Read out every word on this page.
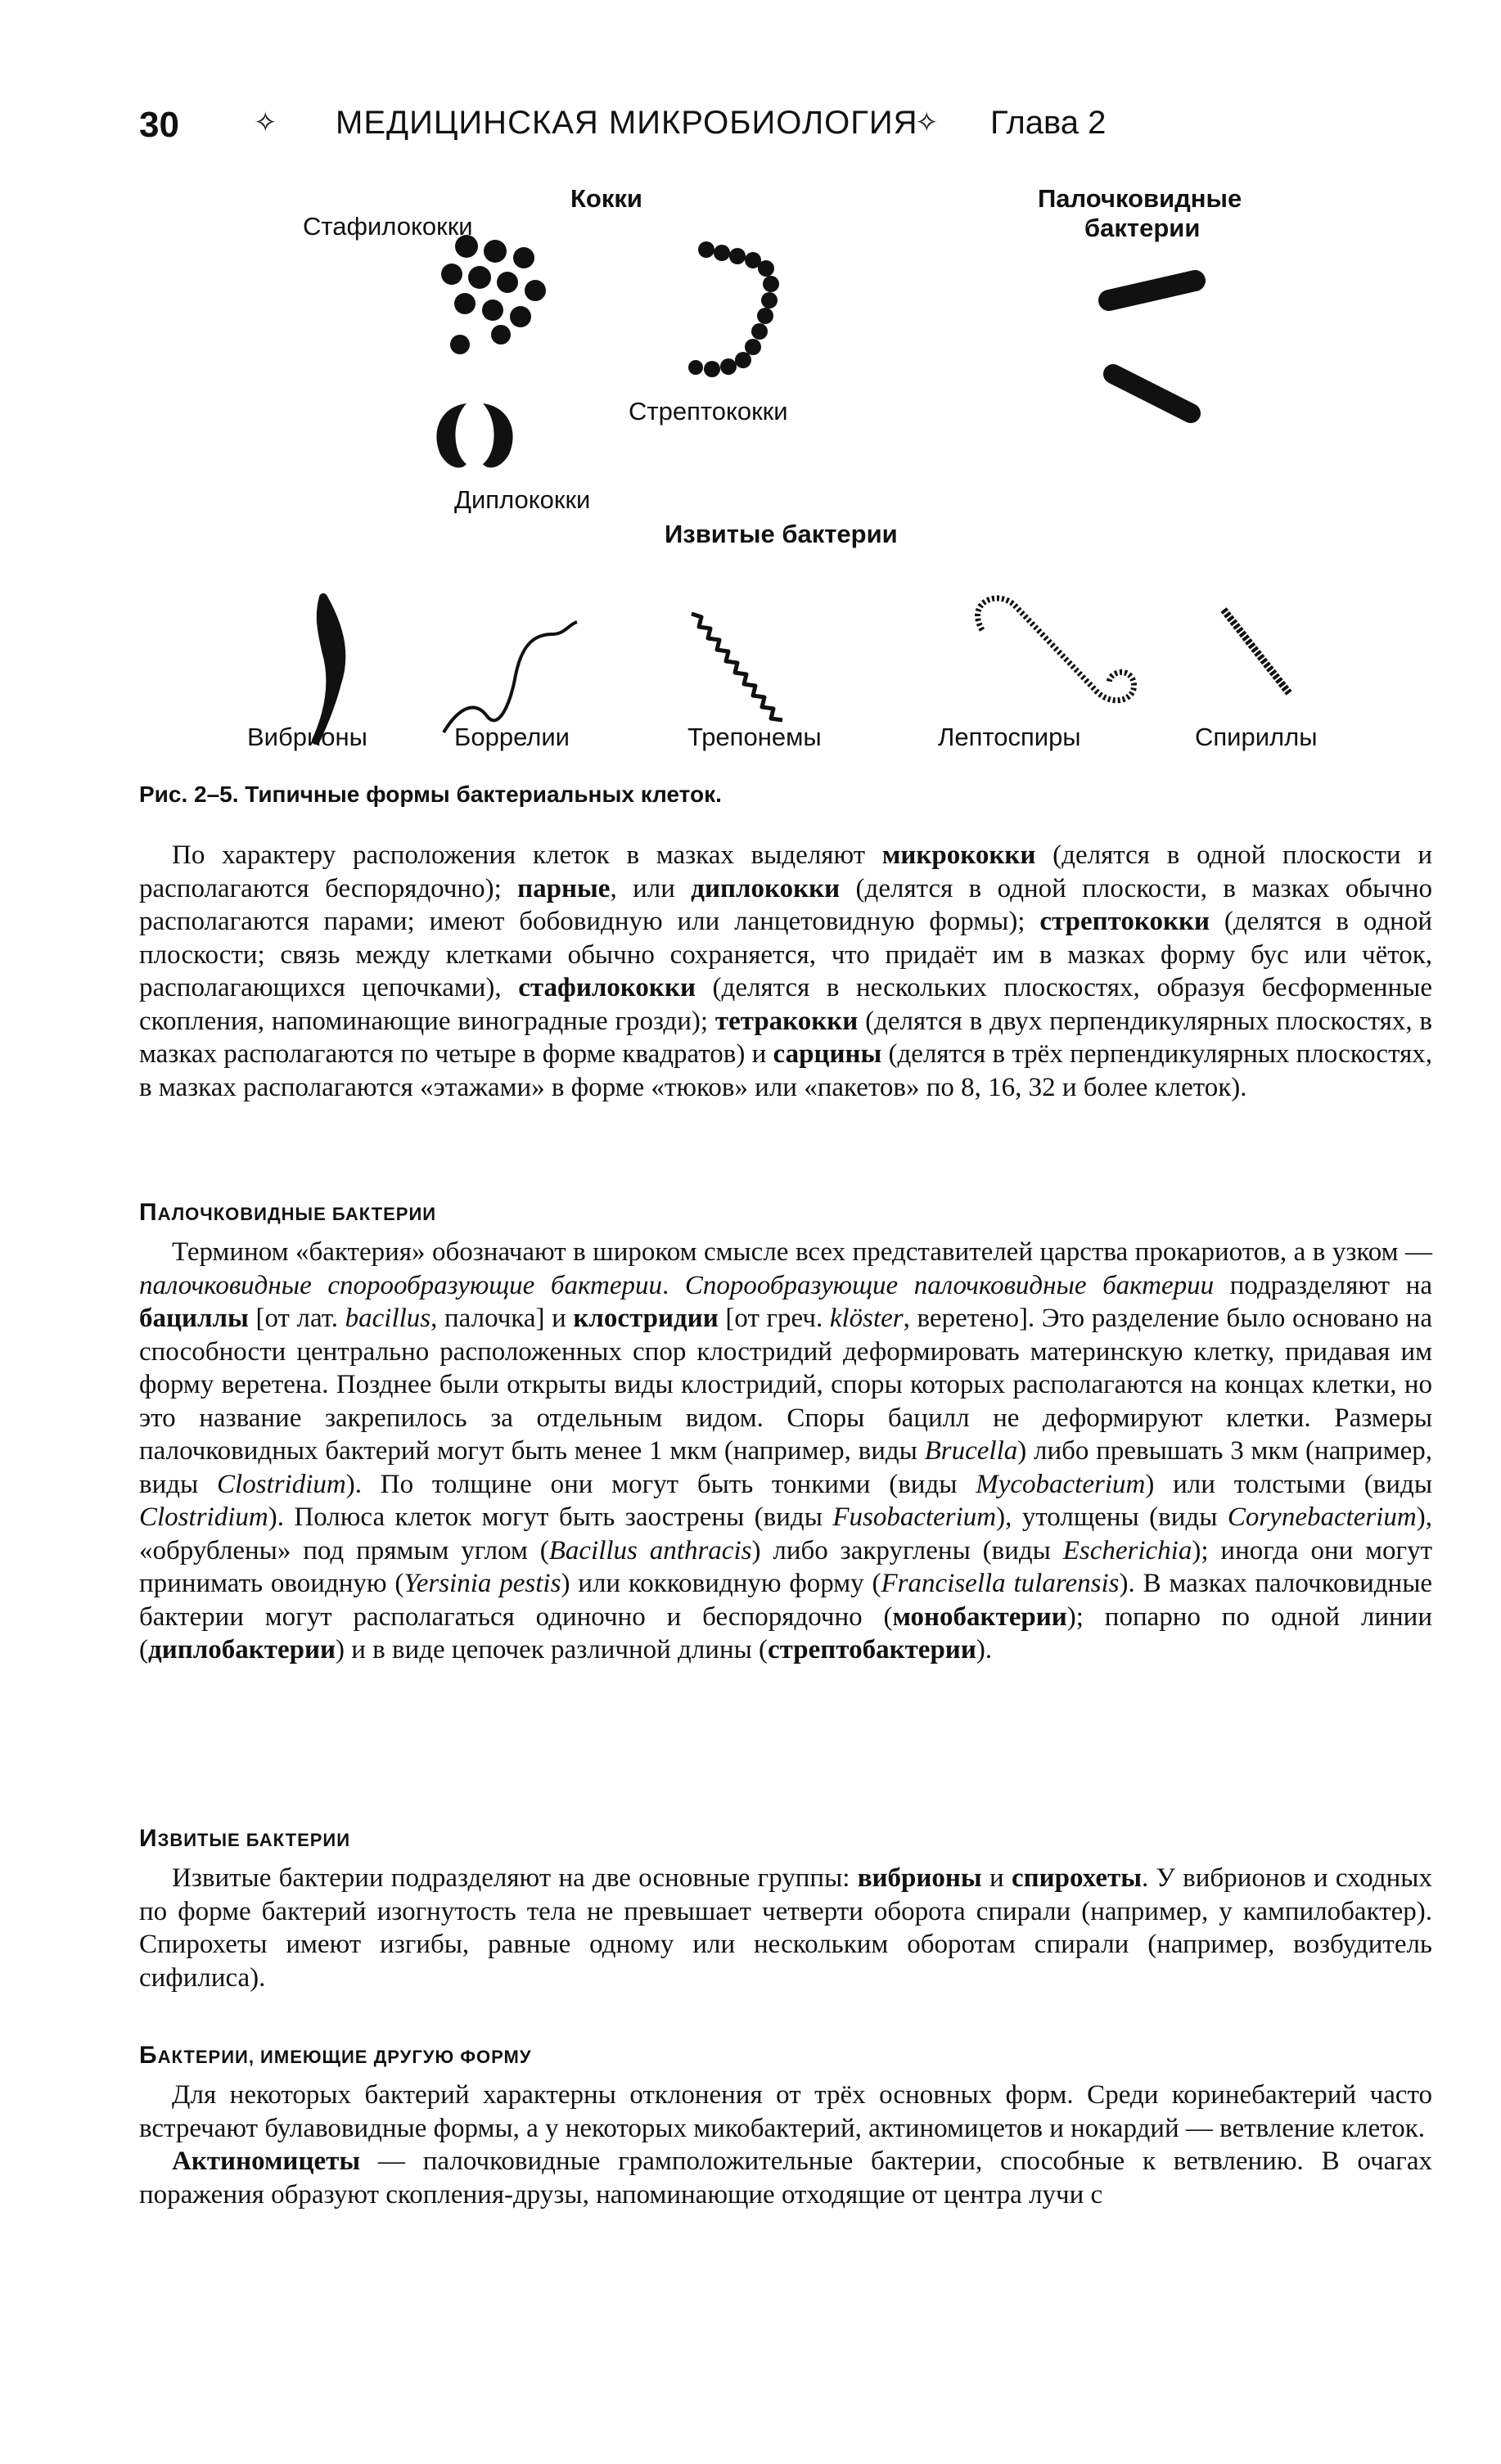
30	✧ МЕДИЦИНСКАЯ МИКРОБИОЛОГИЯ
✧ Глава 2
Кокки
Стафилококки
Стрептококки
Диплококки
Палочковидные
бактерии
Извитые бактерии
Вибрионы	Боррелии	Трепонемы	Лептоспиры	Спириллы
Рис. 2–5. Типичные формы бактериальных клеток.

По характеру расположения клеток в мазках выделяют микрококки (делятся в одной плоскости и располагаются беспорядочно); парные, или диплококки (делятся в одной плоскости, в мазках обычно располагаются парами; имеют бобовидную или ланцетовидную формы); стрептококки (делятся в одной плоскости; связь между клетками обычно сохраняется, что придаёт им в мазках форму бус или чёток, располагающихся цепочками), стафилококки (делятся в нескольких плоскостях, образуя бесформенные скопления, напоминающие виноградные грозди); тетракокки (делятся в двух перпендикулярных плоскостях, в мазках располагаются по четыре в форме квадратов) и сарцины (делятся в трёх перпендикулярных плоскостях, в мазках располагаются «этажами» в форме «тюков» или «пакетов» по 8, 16, 32 и более клеток).

ПАЛОЧКОВИДНЫЕ БАКТЕРИИ

Термином «бактерия» обозначают в широком смысле всех представителей царства прокариотов, а в узком — палочковидные спорообразующие бактерии. Спорообразующие палочковидные бактерии подразделяют на бациллы [от лат. bacillus, палочка] и клостридии [от греч. klöster, веретено]. Это разделение было основано на способности центрально расположенных спор клостридий деформировать материнскую клетку, придавая им форму веретена. Позднее были открыты виды клостридий, споры которых располагаются на концах клетки, но это название закрепилось за отдельным видом. Споры бацилл не деформируют клетки. Размеры палочковидных бактерий могут быть менее 1 мкм (например, виды Brucella) либо превышать 3 мкм (например, виды Clostridium). По толщине они могут быть тонкими (виды Mycobacterium) или толстыми (виды Clostridium). Полюса клеток могут быть заострены (виды Fusobacterium), утолщены (виды Corynebacterium), «обрублены» под прямым углом (Bacillus anthracis) либо закруглены (виды Escherichia); иногда они могут принимать овоидную (Yersinia pestis) или кокковидную форму (Francisella tularensis). В мазках палочковидные бактерии могут располагаться одиночно и беспорядочно (монобактерии); попарно по одной линии (диплобактерии) и в виде цепочек различной длины (стрептобактерии).

ИЗВИТЫЕ БАКТЕРИИ

Извитые бактерии подразделяют на две основные группы: вибрионы и спирохеты. У вибрионов и сходных по форме бактерий изогнутость тела не превышает четверти оборота спирали (например, у кампилобактер). Спирохеты имеют изгибы, равные одному или нескольким оборотам спирали (например, возбудитель сифилиса).

БАКТЕРИИ, ИМЕЮЩИЕ ДРУГУЮ ФОРМУ

Для некоторых бактерий характерны отклонения от трёх основных форм. Среди коринебактерий часто встречают булавовидные формы, а у некоторых микобактерий, актиномицетов и нокардий — ветвление клеток.

Актиномицеты — палочковидные грамположительные бактерии, способные к ветвлению. В очагах поражения образуют скопления-друзы, напоминающие отходящие от центра лучи с
